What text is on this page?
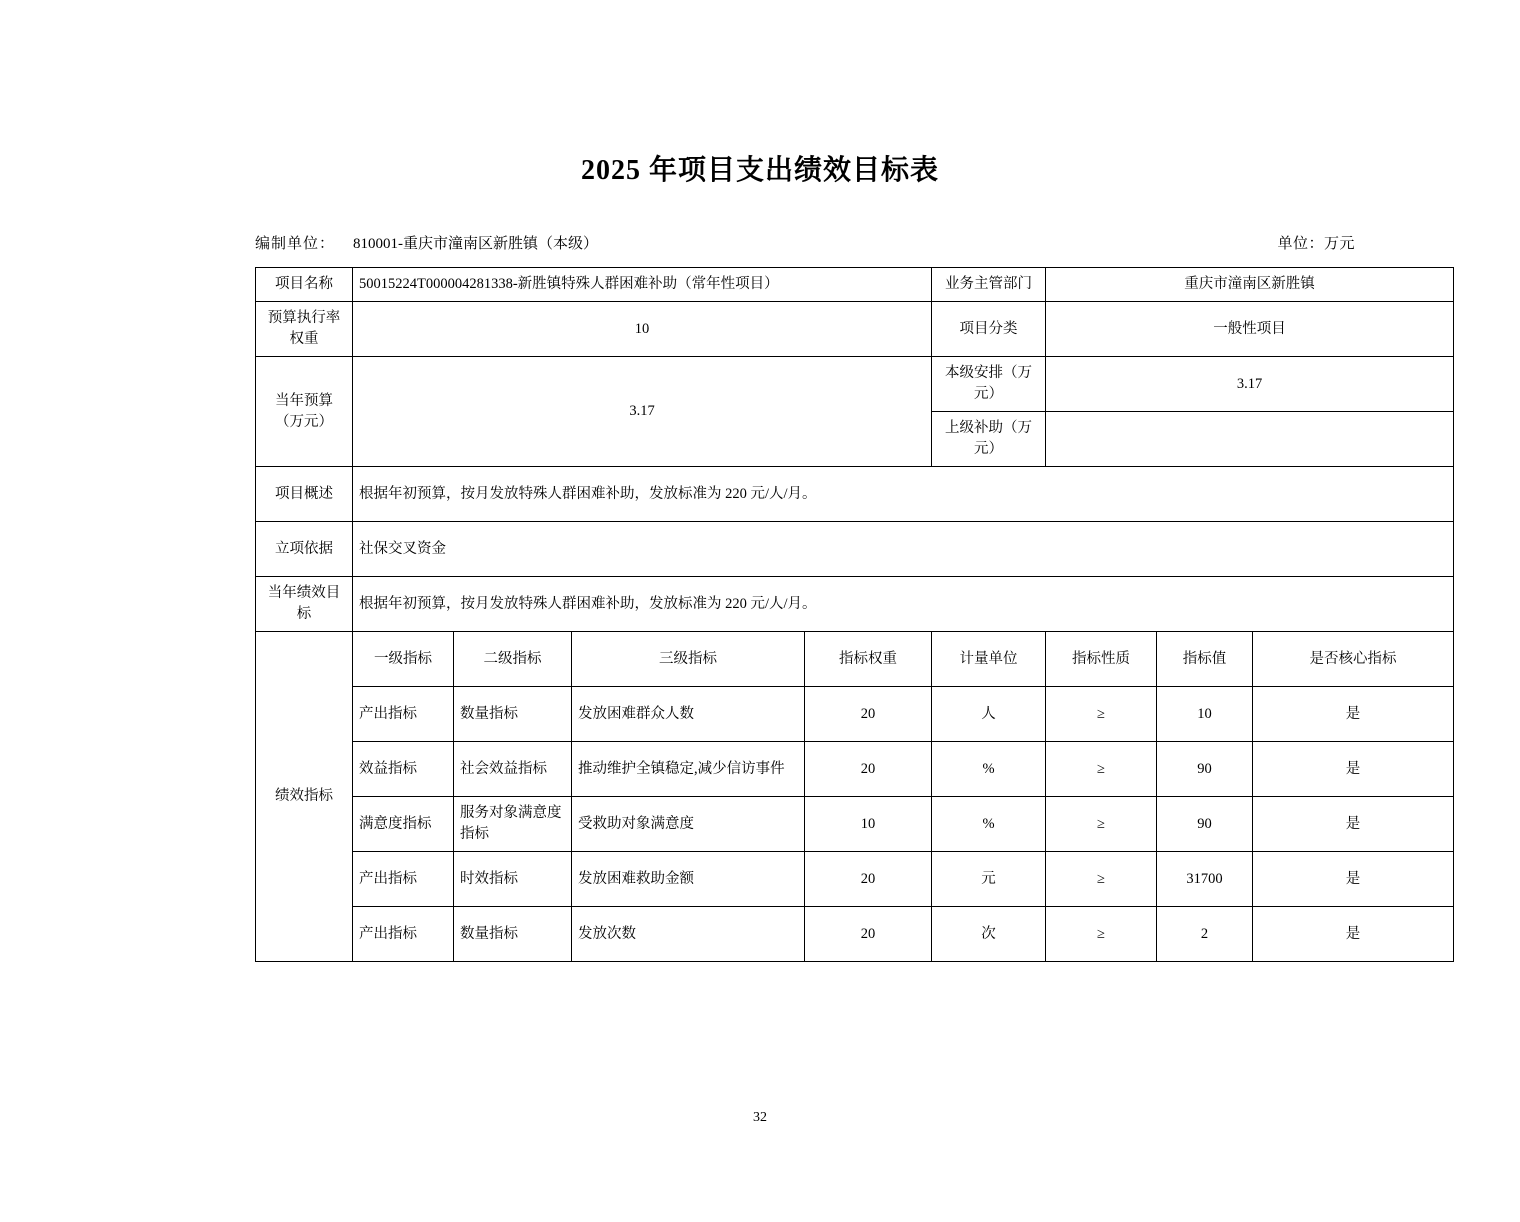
2025 年项目支出绩效目标表
编制单位： 810001-重庆市潼南区新胜镇（本级）	单位：万元
项目名称	50015224T000004281338-新胜镇特殊人群困难补助（常年性项目）				业务主管部门	重庆市潼南区新胜镇		
预算执行率权重	10				项目分类	一般性项目		
当年预算（万元）	3.17				本级安排（万元）	3.17		
					上级补助（万元）			
项目概述	根据年初预算，按月发放特殊人群困难补助，发放标准为 220 元/人/月。							
立项依据	社保交叉资金							
当年绩效目标	根据年初预算，按月发放特殊人群困难补助，发放标准为 220 元/人/月。							
绩效指标	一级指标	二级指标	三级指标	指标权重	计量单位	指标性质	指标值	是否核心指标
	产出指标	数量指标	发放困难群众人数	20	人	≥	10	是
	效益指标	社会效益指标	推动维护全镇稳定,减少信访事件	20	%	≥	90	是
	满意度指标	服务对象满意度指标	受救助对象满意度	10	%	≥	90	是
	产出指标	时效指标	发放困难救助金额	20	元	≥	31700	是
	产出指标	数量指标	发放次数	20	次	≥	2	是
32
